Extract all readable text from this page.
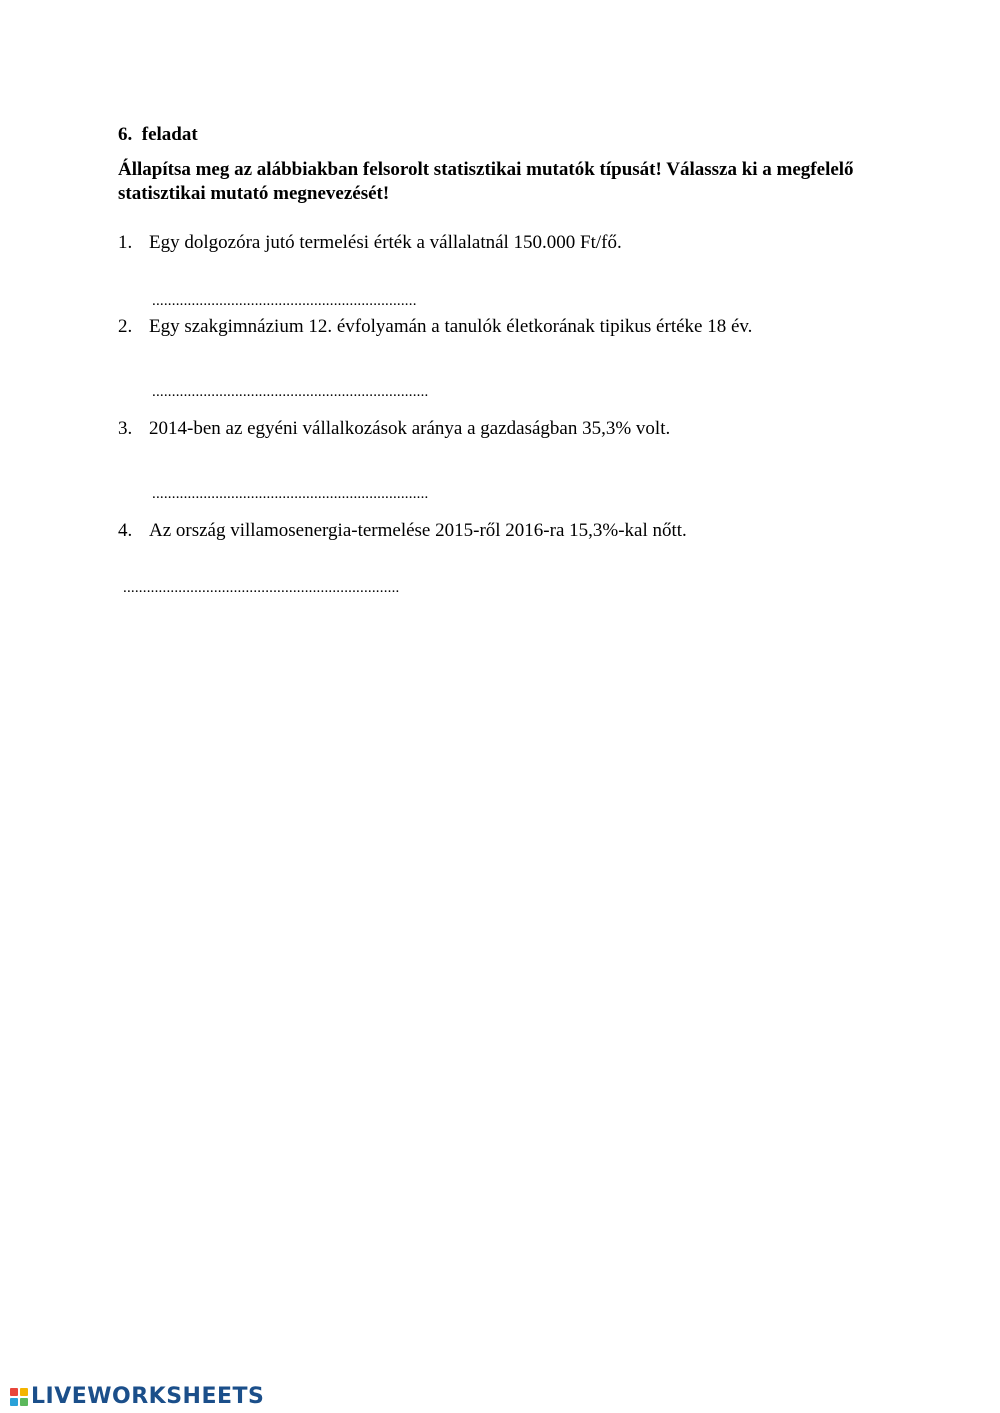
6. feladat
Állapítsa meg az alábbiakban felsorolt statisztikai mutatók típusát! Válassza ki a megfelelő statisztikai mutató megnevezését!
1. Egy dolgozóra jutó termelési érték a vállalatnál 150.000 Ft/fő.
...................................................................
2. Egy szakgimnázium 12. évfolyamán a tanulók életkorának tipikus értéke 18 év.
......................................................................
3. 2014-ben az egyéni vállalkozások aránya a gazdaságban 35,3% volt.
......................................................................
4. Az ország villamosenergia-termelése 2015-ről 2016-ra 15,3%-kal nőtt.
......................................................................
LIVEWORKSHEETS
